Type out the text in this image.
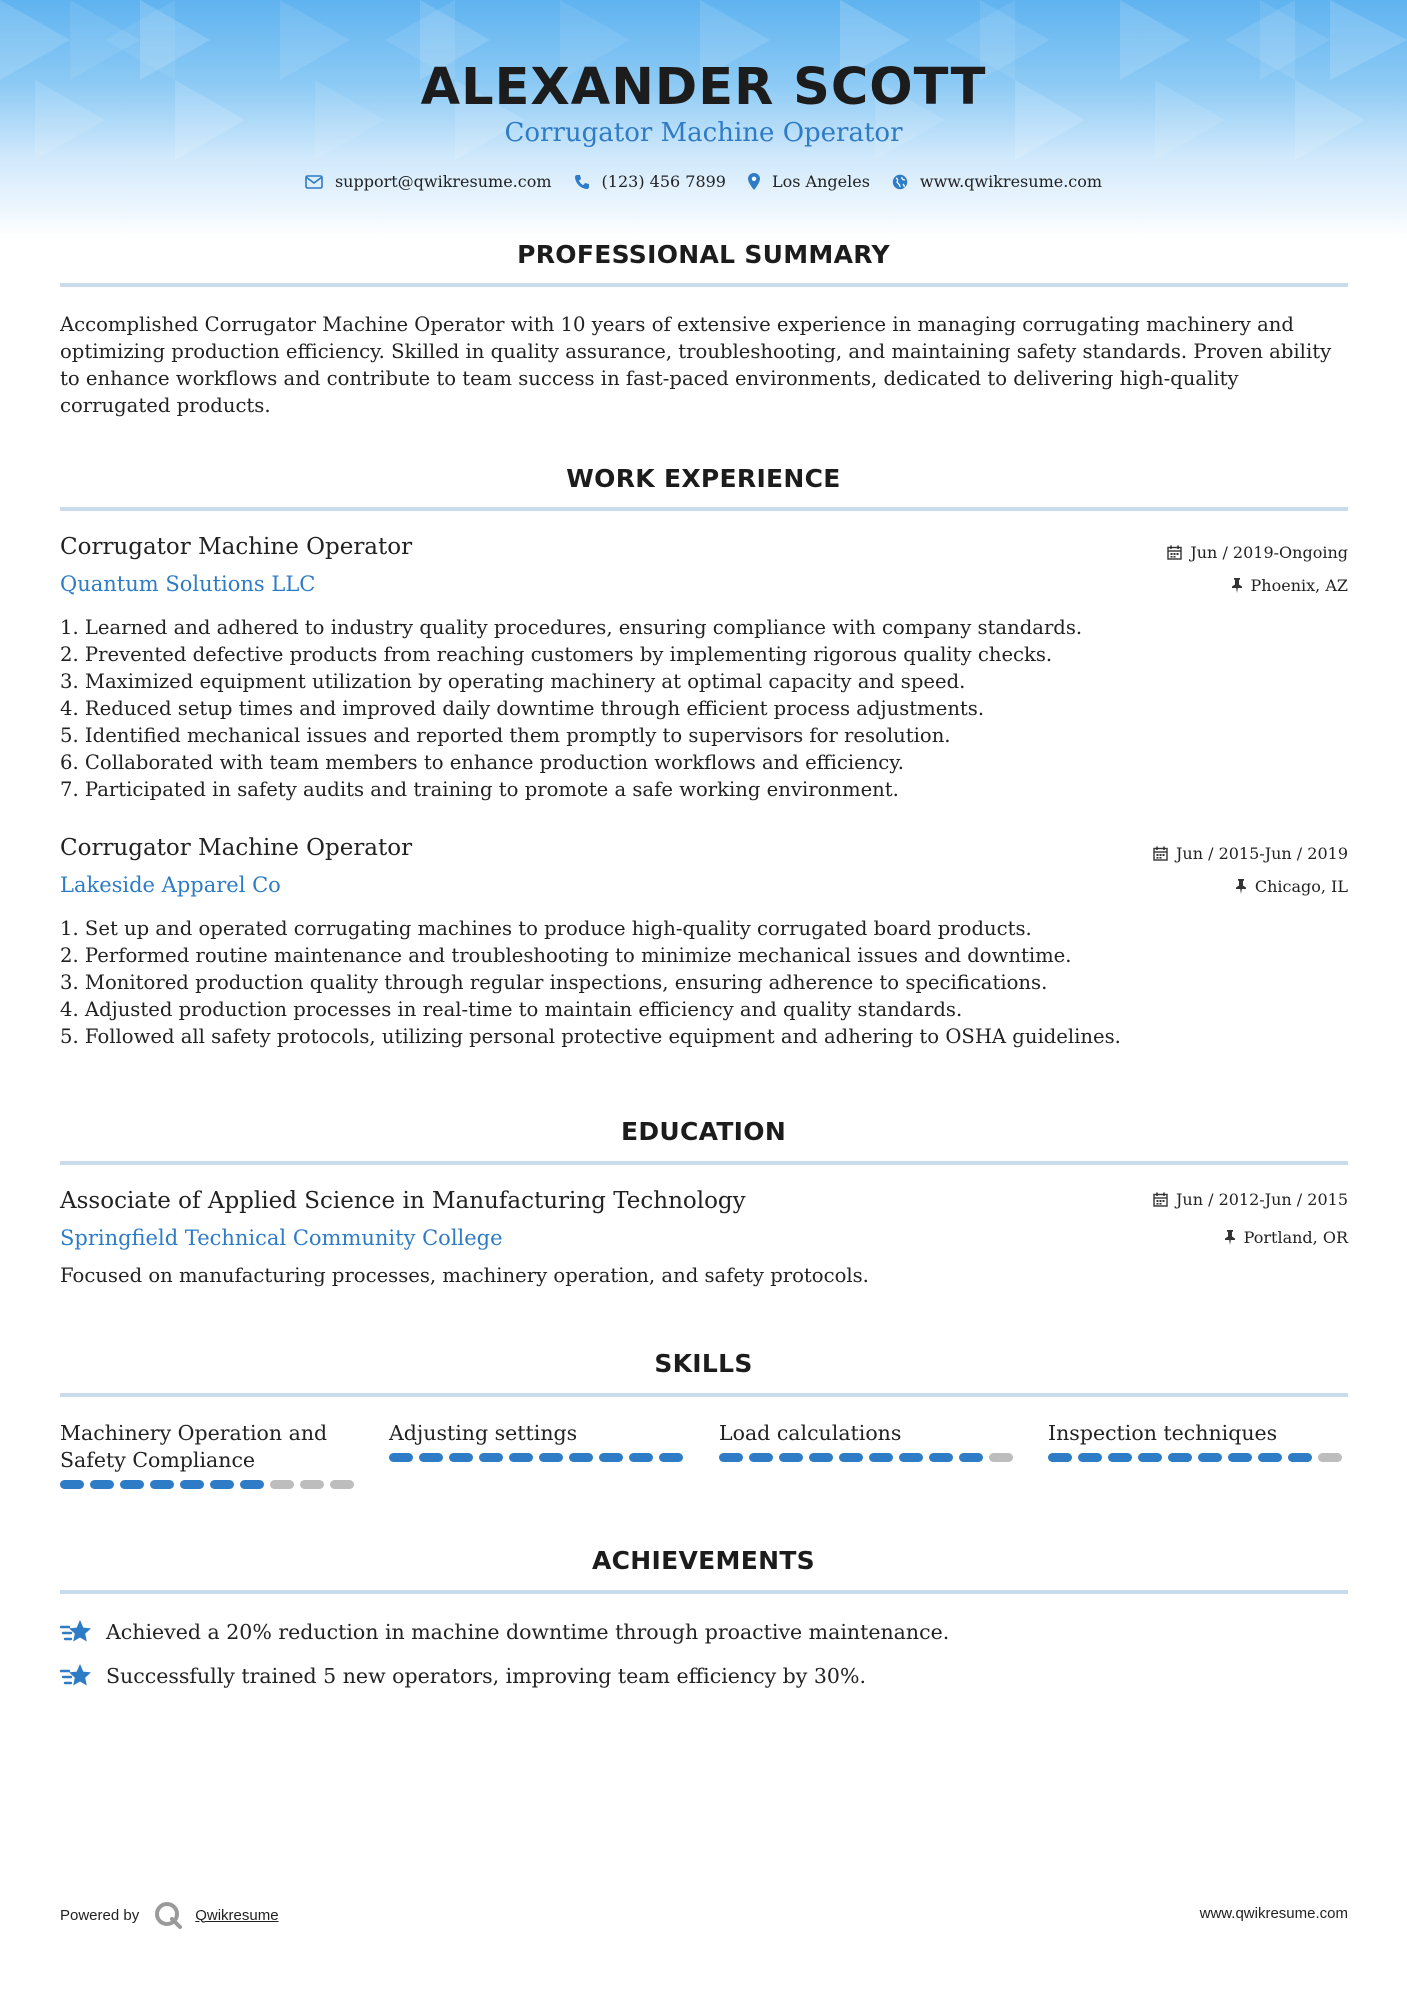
ALEXANDER SCOTT
Corrugator Machine Operator
support@qwikresume.com	(123) 456 7899	Los Angeles	www.qwikresume.com
PROFESSIONAL SUMMARY
Accomplished Corrugator Machine Operator with 10 years of extensive experience in managing corrugating machinery and optimizing production efficiency. Skilled in quality assurance, troubleshooting, and maintaining safety standards. Proven ability to enhance workflows and contribute to team success in fast-paced environments, dedicated to delivering high-quality corrugated products.
WORK EXPERIENCE
Corrugator Machine Operator
Quantum Solutions LLC
Jun / 2019-Ongoing
Phoenix, AZ
1. Learned and adhered to industry quality procedures, ensuring compliance with company standards.
2. Prevented defective products from reaching customers by implementing rigorous quality checks.
3. Maximized equipment utilization by operating machinery at optimal capacity and speed.
4. Reduced setup times and improved daily downtime through efficient process adjustments.
5. Identified mechanical issues and reported them promptly to supervisors for resolution.
6. Collaborated with team members to enhance production workflows and efficiency.
7. Participated in safety audits and training to promote a safe working environment.
Corrugator Machine Operator
Lakeside Apparel Co
Jun / 2015-Jun / 2019
Chicago, IL
1. Set up and operated corrugating machines to produce high-quality corrugated board products.
2. Performed routine maintenance and troubleshooting to minimize mechanical issues and downtime.
3. Monitored production quality through regular inspections, ensuring adherence to specifications.
4. Adjusted production processes in real-time to maintain efficiency and quality standards.
5. Followed all safety protocols, utilizing personal protective equipment and adhering to OSHA guidelines.
EDUCATION
Associate of Applied Science in Manufacturing Technology
Springfield Technical Community College
Jun / 2012-Jun / 2015
Portland, OR
Focused on manufacturing processes, machinery operation, and safety protocols.
SKILLS
Machinery Operation and Safety Compliance
Adjusting settings	Load calculations	Inspection techniques
ACHIEVEMENTS
Achieved a 20% reduction in machine downtime through proactive maintenance.
Successfully trained 5 new operators, improving team efficiency by 30%.
Powered by	Qwikresume	www.qwikresume.com
